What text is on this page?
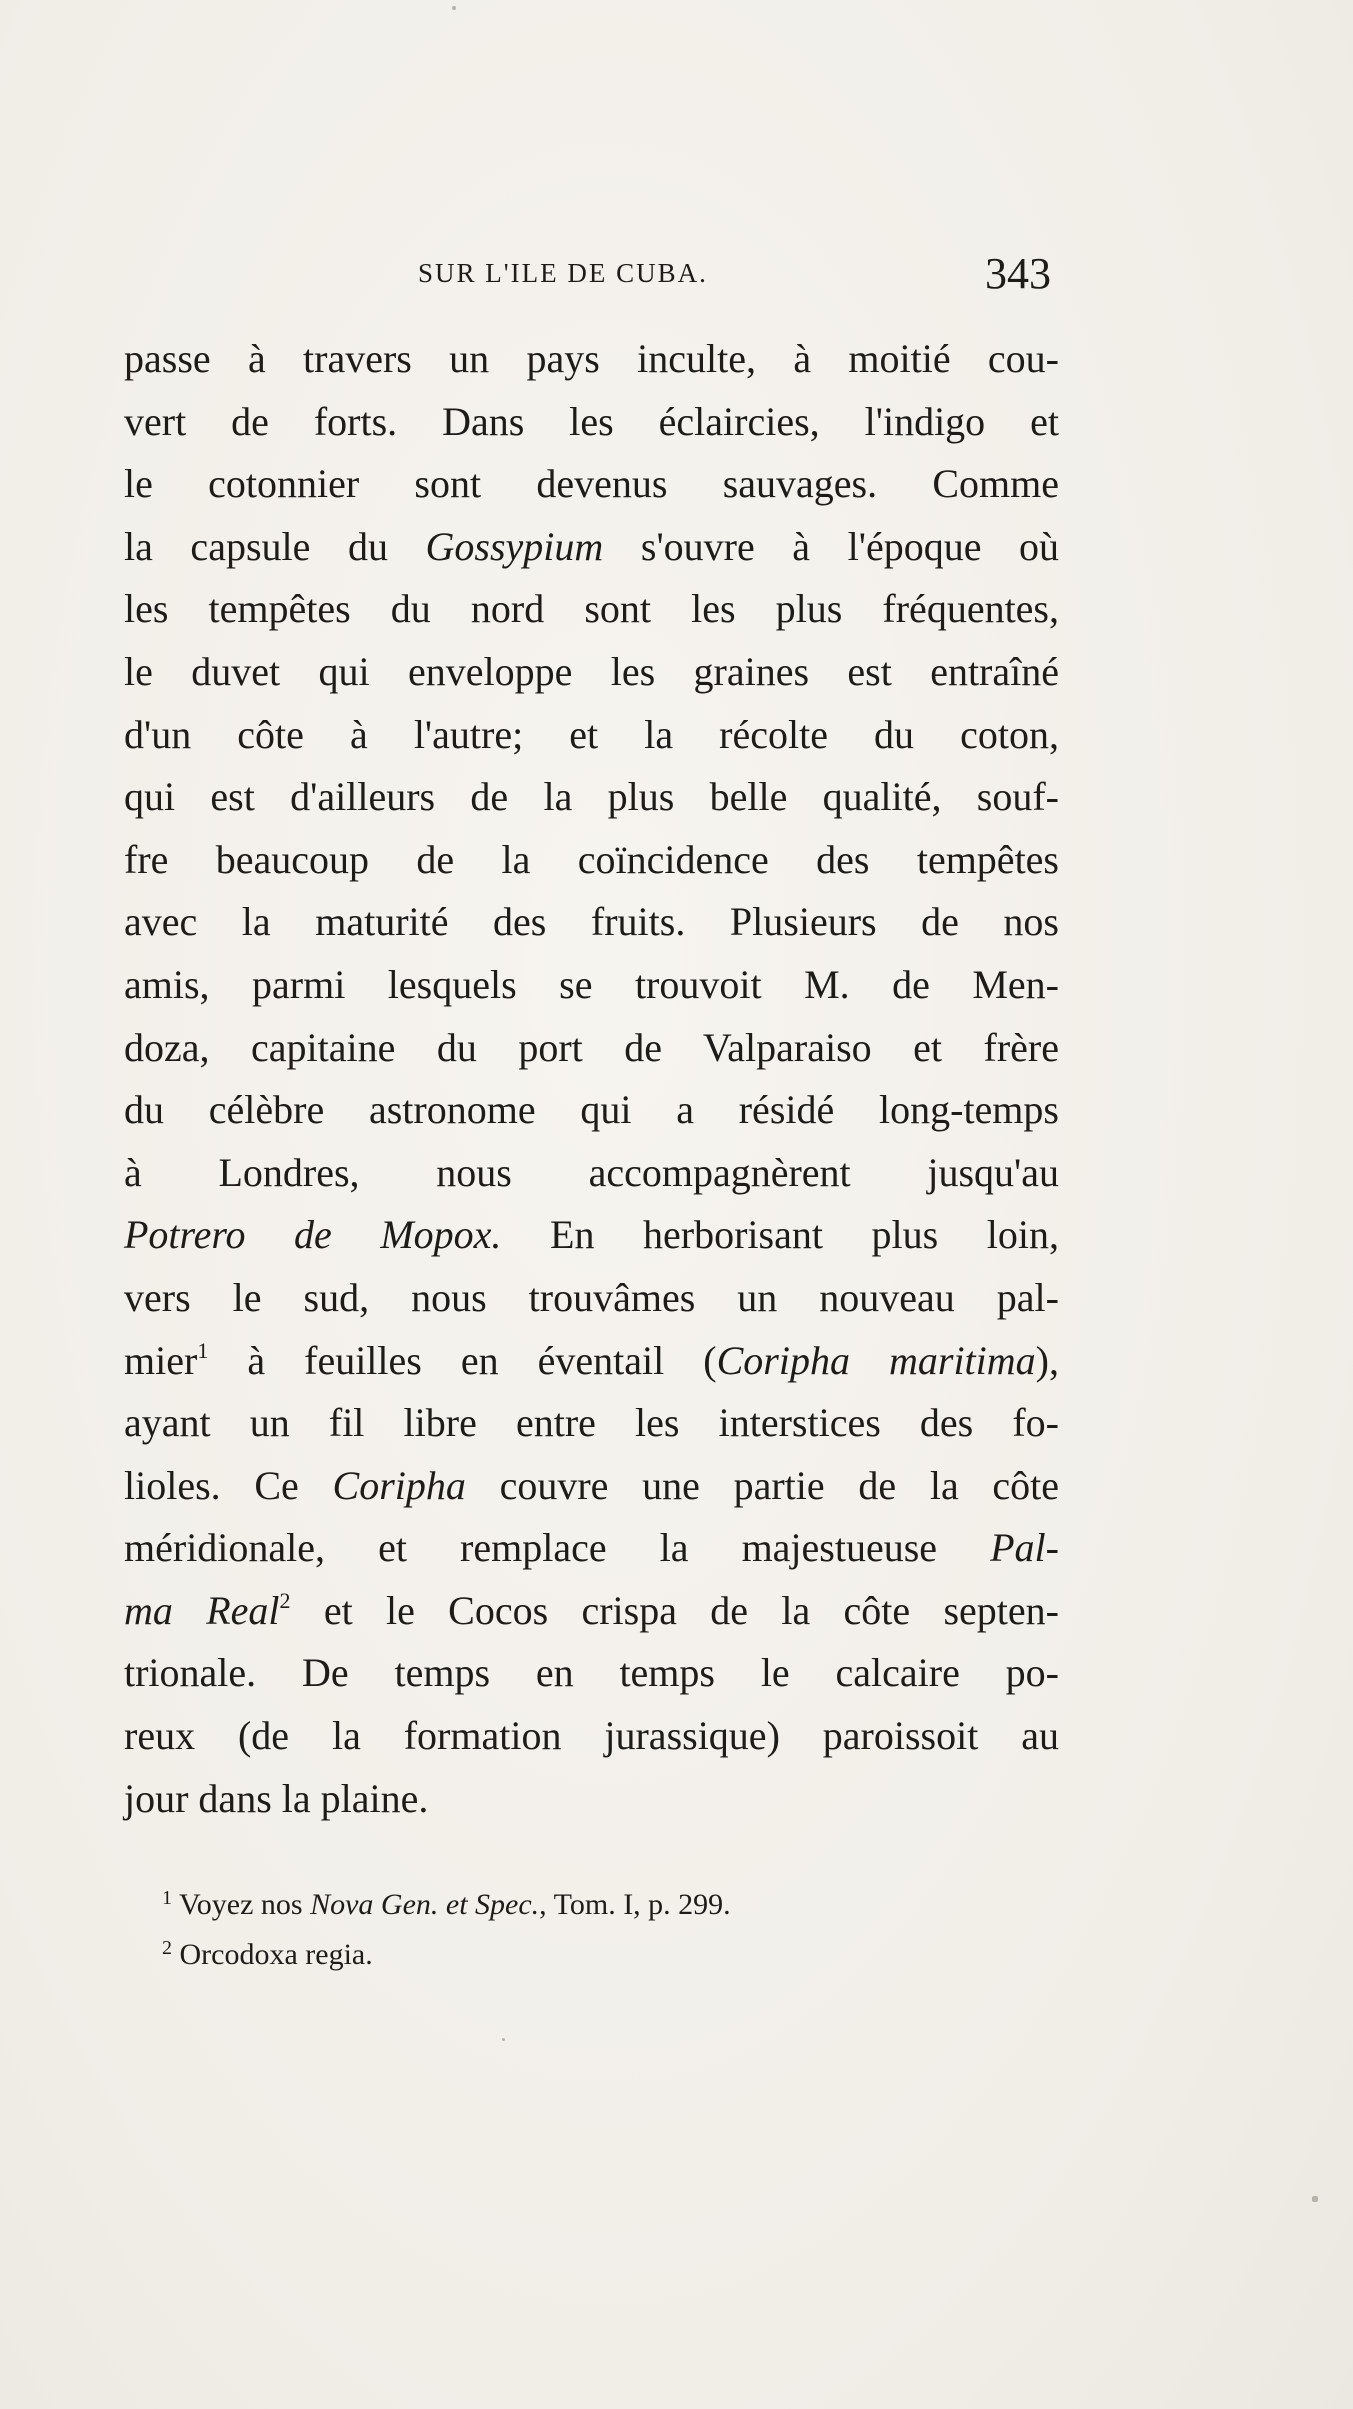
SUR L'ILE DE CUBA.	343
passe à travers un pays inculte, à moitié cou-
vert de forts. Dans les éclaircies, l'indigo et
le cotonnier sont devenus sauvages. Comme
la capsule du Gossypium s'ouvre à l'époque où
les tempêtes du nord sont les plus fréquentes,
le duvet qui enveloppe les graines est entraîné
d'un côte à l'autre; et la récolte du coton,
qui est d'ailleurs de la plus belle qualité, souf-
fre beaucoup de la coïncidence des tempêtes
avec la maturité des fruits. Plusieurs de nos
amis, parmi lesquels se trouvoit M. de Men-
doza, capitaine du port de Valparaiso et frère
du célèbre astronome qui a résidé long-temps
à Londres, nous accompagnèrent jusqu'au
Potrero de Mopox. En herborisant plus loin,
vers le sud, nous trouvâmes un nouveau pal-
mier$^1$ à feuilles en éventail (Coripha maritima),
ayant un fil libre entre les interstices des fo-
lioles. Ce Coripha couvre une partie de la côte
méridionale, et remplace la majestueuse Pal-
ma Real$^2$ et le Cocos crispa de la côte septen-
trionale. De temps en temps le calcaire po-
reux (de la formation jurassique) paroissoit au
jour dans la plaine.
$^1$ Voyez nos Nova Gen. et Spec., Tom. I, p. 299.
$^2$ Orcodoxa regia.
